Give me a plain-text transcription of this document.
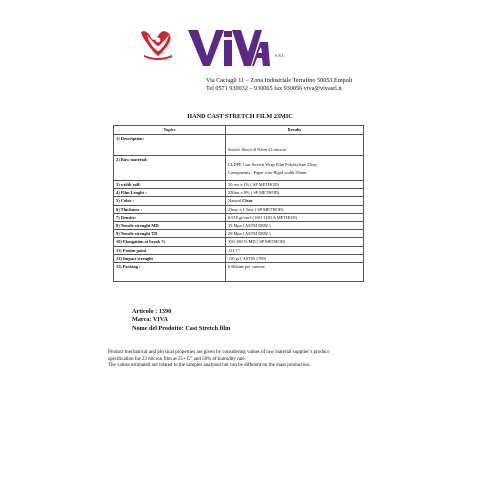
S.R.L.
Via Caciagli 11 – Zona Industriale Terrafino 50053 Empoli
Tel 0571 930032 – 930065 fax 930056 viva@vivasrl.it
HAND CAST STRETCH FILM 23MIC
Topics	Results
1) Description:	Stretch film roll 50cm 23 micron

2) Raw material:	LLDPE Cast Stretch Wrap Film Polyetylene 23my
Components : Paper core Rigid width 50mm

3) width roll:	50 cm ± 1% ( SP METHOD)
4) Film Lenght :	250mt ± 8% ( SP METHOD)
5) Color :	Natural Clear
6) Thickness :	23my ± 1.5my ( SP METHOD)
7) Density:	0.918 gr/cm3 ( ISO 1183 A METHOD)
8) Tensile strenght MD	35 Mpa ( ASTM D882 )
9) Tensile strenght TD	28 Mpa ( ASTM D882 )
10) Elongation at break %	350-180 % MD ( SP METHOD)
11) Fusion point	121 C°
12) Impact strenght	110 gr ( ASTM 1709)
11) Packing :	6 Bobine per cartone
Articolo : 1390
Marca: VIVA
Nome del Prodotto: Cast Stretch film
Product mechanical and physical properties are given by considering values of raw material supplier’s product
specification for 23 micron film at 25+ C° and 50% of humidity rate.
The values estimated are related to the samples analysed but can be different on the mass production.
